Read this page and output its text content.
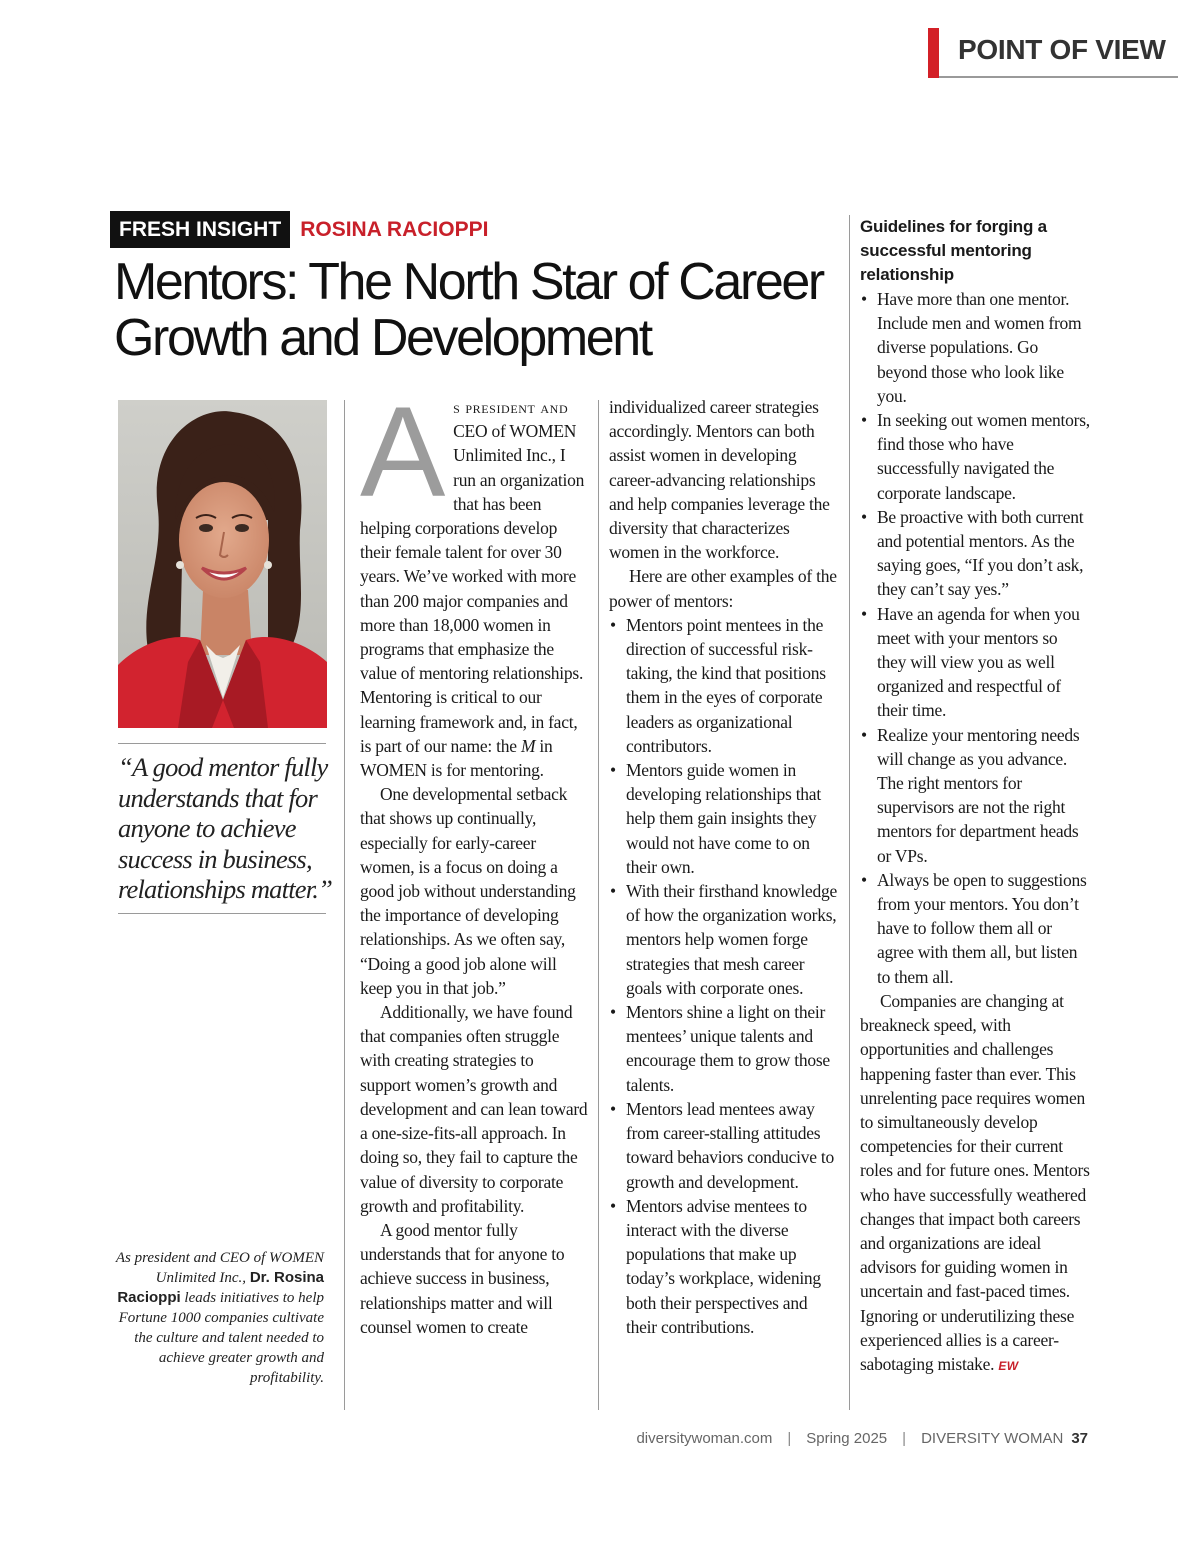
POINT OF VIEW
FRESH INSIGHT ROSINA RACIOPPI
Mentors: The North Star of Career Growth and Development

“A good mentor fully understands that for anyone to achieve success in business, relationships matter.”

As president and CEO of WOMEN Unlimited Inc., Dr. Rosina Racioppi leads initiatives to help Fortune 1000 companies cultivate the culture and talent needed to achieve greater growth and profitability.

As president and CEO of WOMEN Unlimited Inc., I run an organization that has been helping corporations develop their female talent for over 30 years. We’ve worked with more than 200 major companies and more than 18,000 women in programs that emphasize the value of mentoring relationships. Mentoring is critical to our learning framework and, in fact, is part of our name: the M in WOMEN is for mentoring.

One developmental setback that shows up continually, especially for early-career women, is a focus on doing a good job without understanding the importance of developing relationships. As we often say, “Doing a good job alone will keep you in that job.”

Additionally, we have found that companies often struggle with creating strategies to support women’s growth and development and can lean toward a one-size-fits-all approach. In doing so, they fail to capture the value of diversity to corporate growth and profitability.

A good mentor fully understands that for anyone to achieve success in business, relationships matter and will counsel women to create

individualized career strategies accordingly. Mentors can both assist women in developing career-advancing relationships and help companies leverage the diversity that characterizes women in the workforce.

Here are other examples of the power of mentors:

• Mentors point mentees in the direction of successful risk-taking, the kind that positions them in the eyes of corporate leaders as organizational contributors.
• Mentors guide women in developing relationships that help them gain insights they would not have come to on their own.
• With their firsthand knowledge of how the organization works, mentors help women forge strategies that mesh career goals with corporate ones.
• Mentors shine a light on their mentees’ unique talents and encourage them to grow those talents.
• Mentors lead mentees away from career-stalling attitudes toward behaviors conducive to growth and development.
• Mentors advise mentees to interact with the diverse populations that make up today’s workplace, widening both their perspectives and their contributions.

Guidelines for forging a successful mentoring relationship

• Have more than one mentor. Include men and women from diverse populations. Go beyond those who look like you.
• In seeking out women mentors, find those who have successfully navigated the corporate landscape.
• Be proactive with both current and potential mentors. As the saying goes, “If you don’t ask, they can’t say yes.”
• Have an agenda for when you meet with your mentors so they will view you as well organized and respectful of their time.
• Realize your mentoring needs will change as you advance. The right mentors for supervisors are not the right mentors for department heads or VPs.
• Always be open to suggestions from your mentors. You don’t have to follow them all or agree with them all, but listen to them all.

Companies are changing at breakneck speed, with opportunities and challenges happening faster than ever. This unrelenting pace requires women to simultaneously develop competencies for their current roles and for future ones. Mentors who have successfully weathered changes that impact both careers and organizations are ideal advisors for guiding women in uncertain and fast-paced times. Ignoring or underutilizing these experienced allies is a career-sabotaging mistake. EW

diversitywoman.com | Spring 2025 | DIVERSITY WOMAN 37
